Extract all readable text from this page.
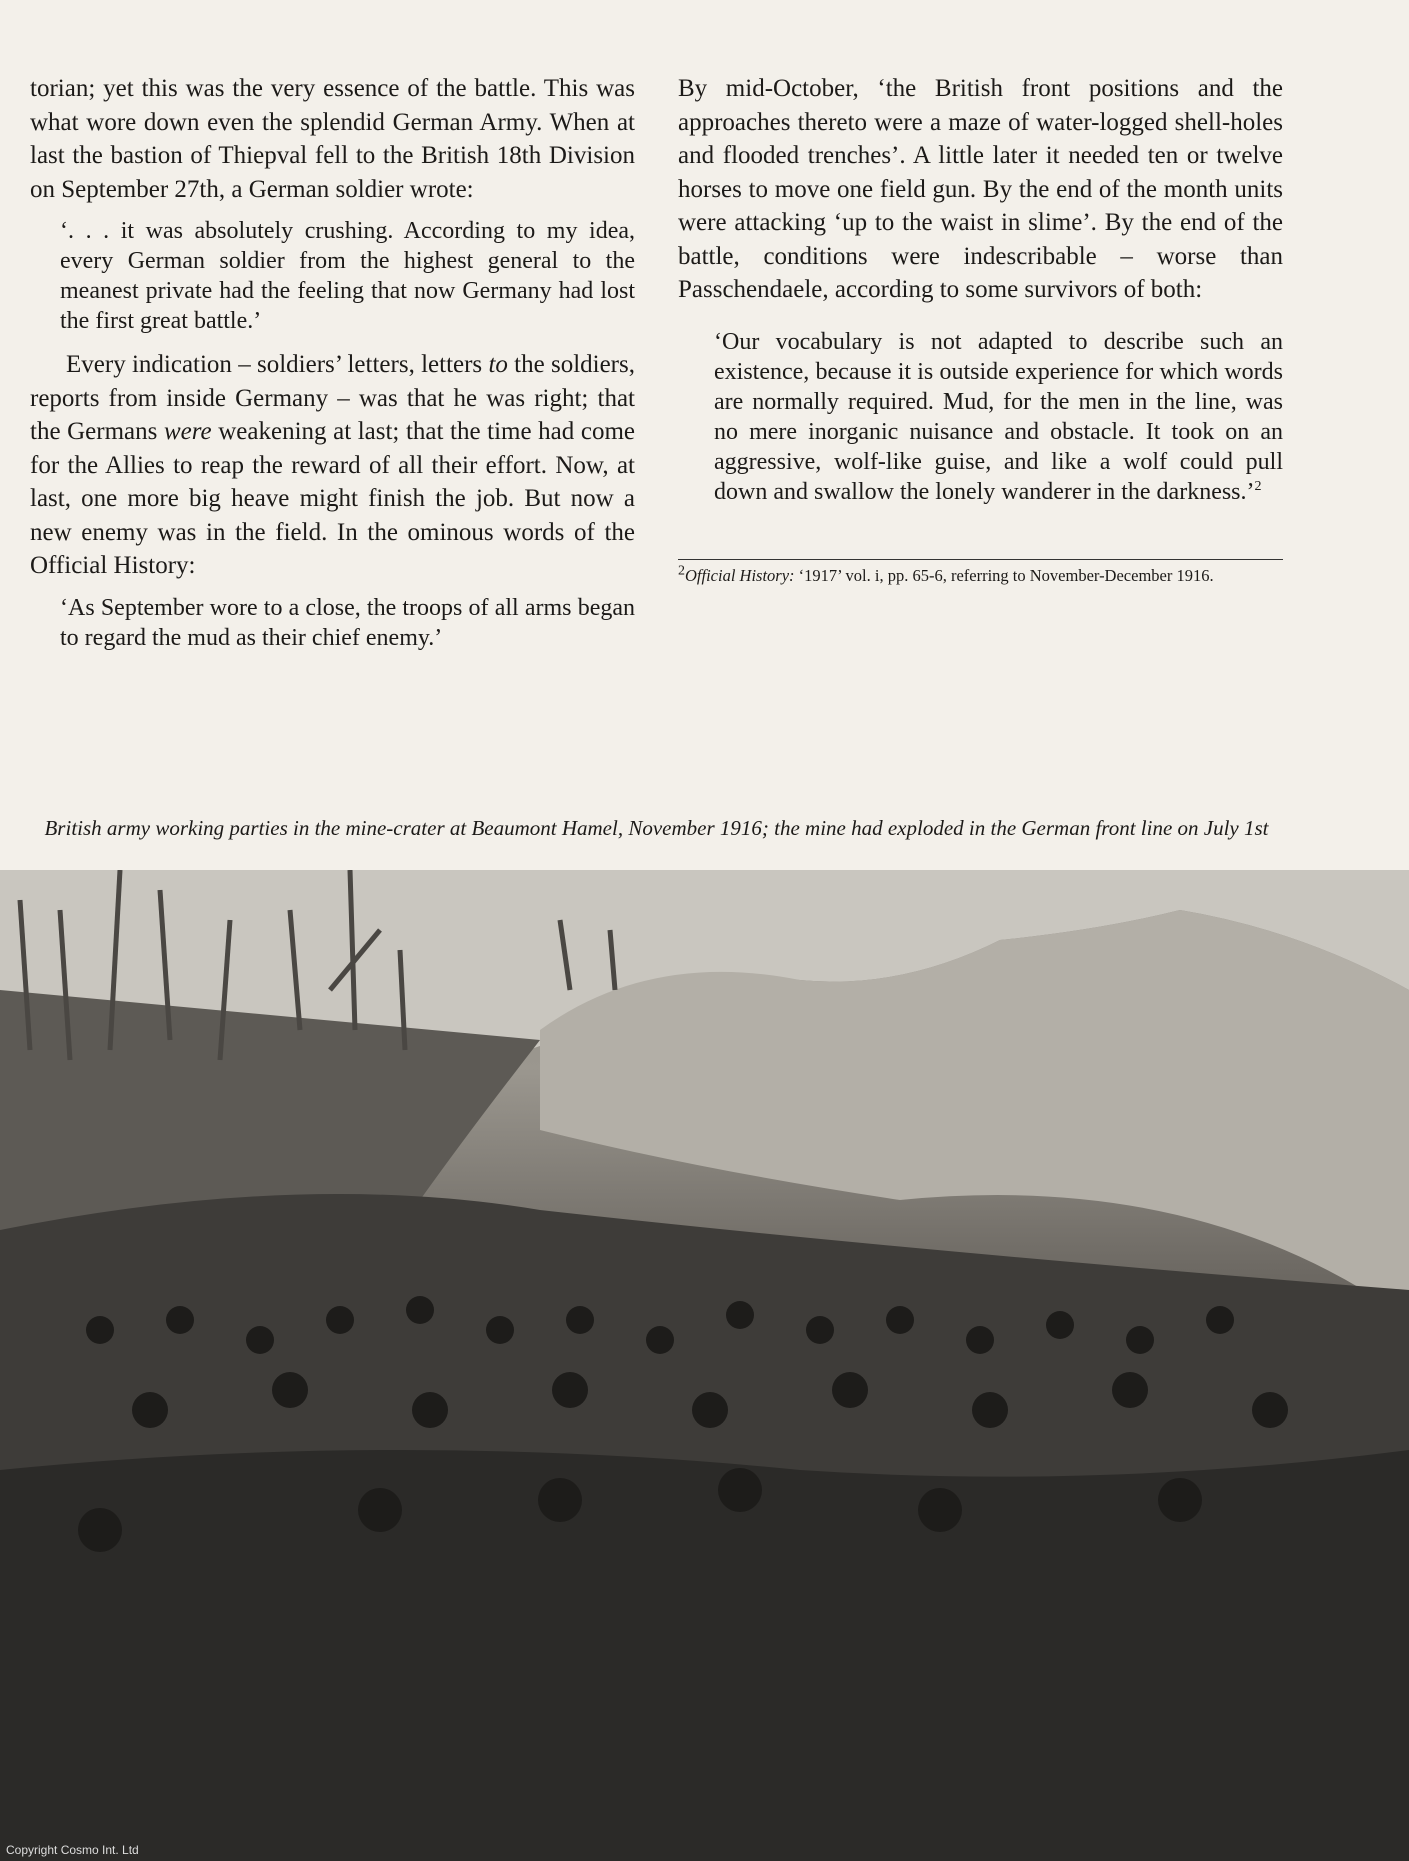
torian; yet this was the very essence of the battle. This was what wore down even the splendid German Army. When at last the bastion of Thiepval fell to the British 18th Division on September 27th, a German soldier wrote:

‘. . . it was absolutely crushing. According to my idea, every German soldier from the highest general to the meanest private had the feeling that now Germany had lost the first great battle.’

Every indication – soldiers’ letters, letters to the soldiers, reports from inside Germany – was that he was right; that the Germans were weakening at last; that the time had come for the Allies to reap the reward of all their effort. Now, at last, one more big heave might finish the job. But now a new enemy was in the field. In the ominous words of the Official History:

‘As September wore to a close, the troops of all arms began to regard the mud as their chief enemy.’

By mid-October, ‘the British front positions and the approaches thereto were a maze of water-logged shell-holes and flooded trenches’. A little later it needed ten or twelve horses to move one field gun. By the end of the month units were attacking ‘up to the waist in slime’. By the end of the battle, conditions were indescribable – worse than Passchendaele, according to some survivors of both:

‘Our vocabulary is not adapted to describe such an existence, because it is outside experience for which words are normally required. Mud, for the men in the line, was no mere inorganic nuisance and obstacle. It took on an aggressive, wolf-like guise, and like a wolf could pull down and swallow the lonely wanderer in the darkness.’$^2$

$^2$Official History: ‘1917’ vol. i, pp. 65-6, referring to November-December 1916.

British army working parties in the mine-crater at Beaumont Hamel, November 1916; the mine had exploded in the German front line on July 1st
Copyright Cosmo Int. Ltd
